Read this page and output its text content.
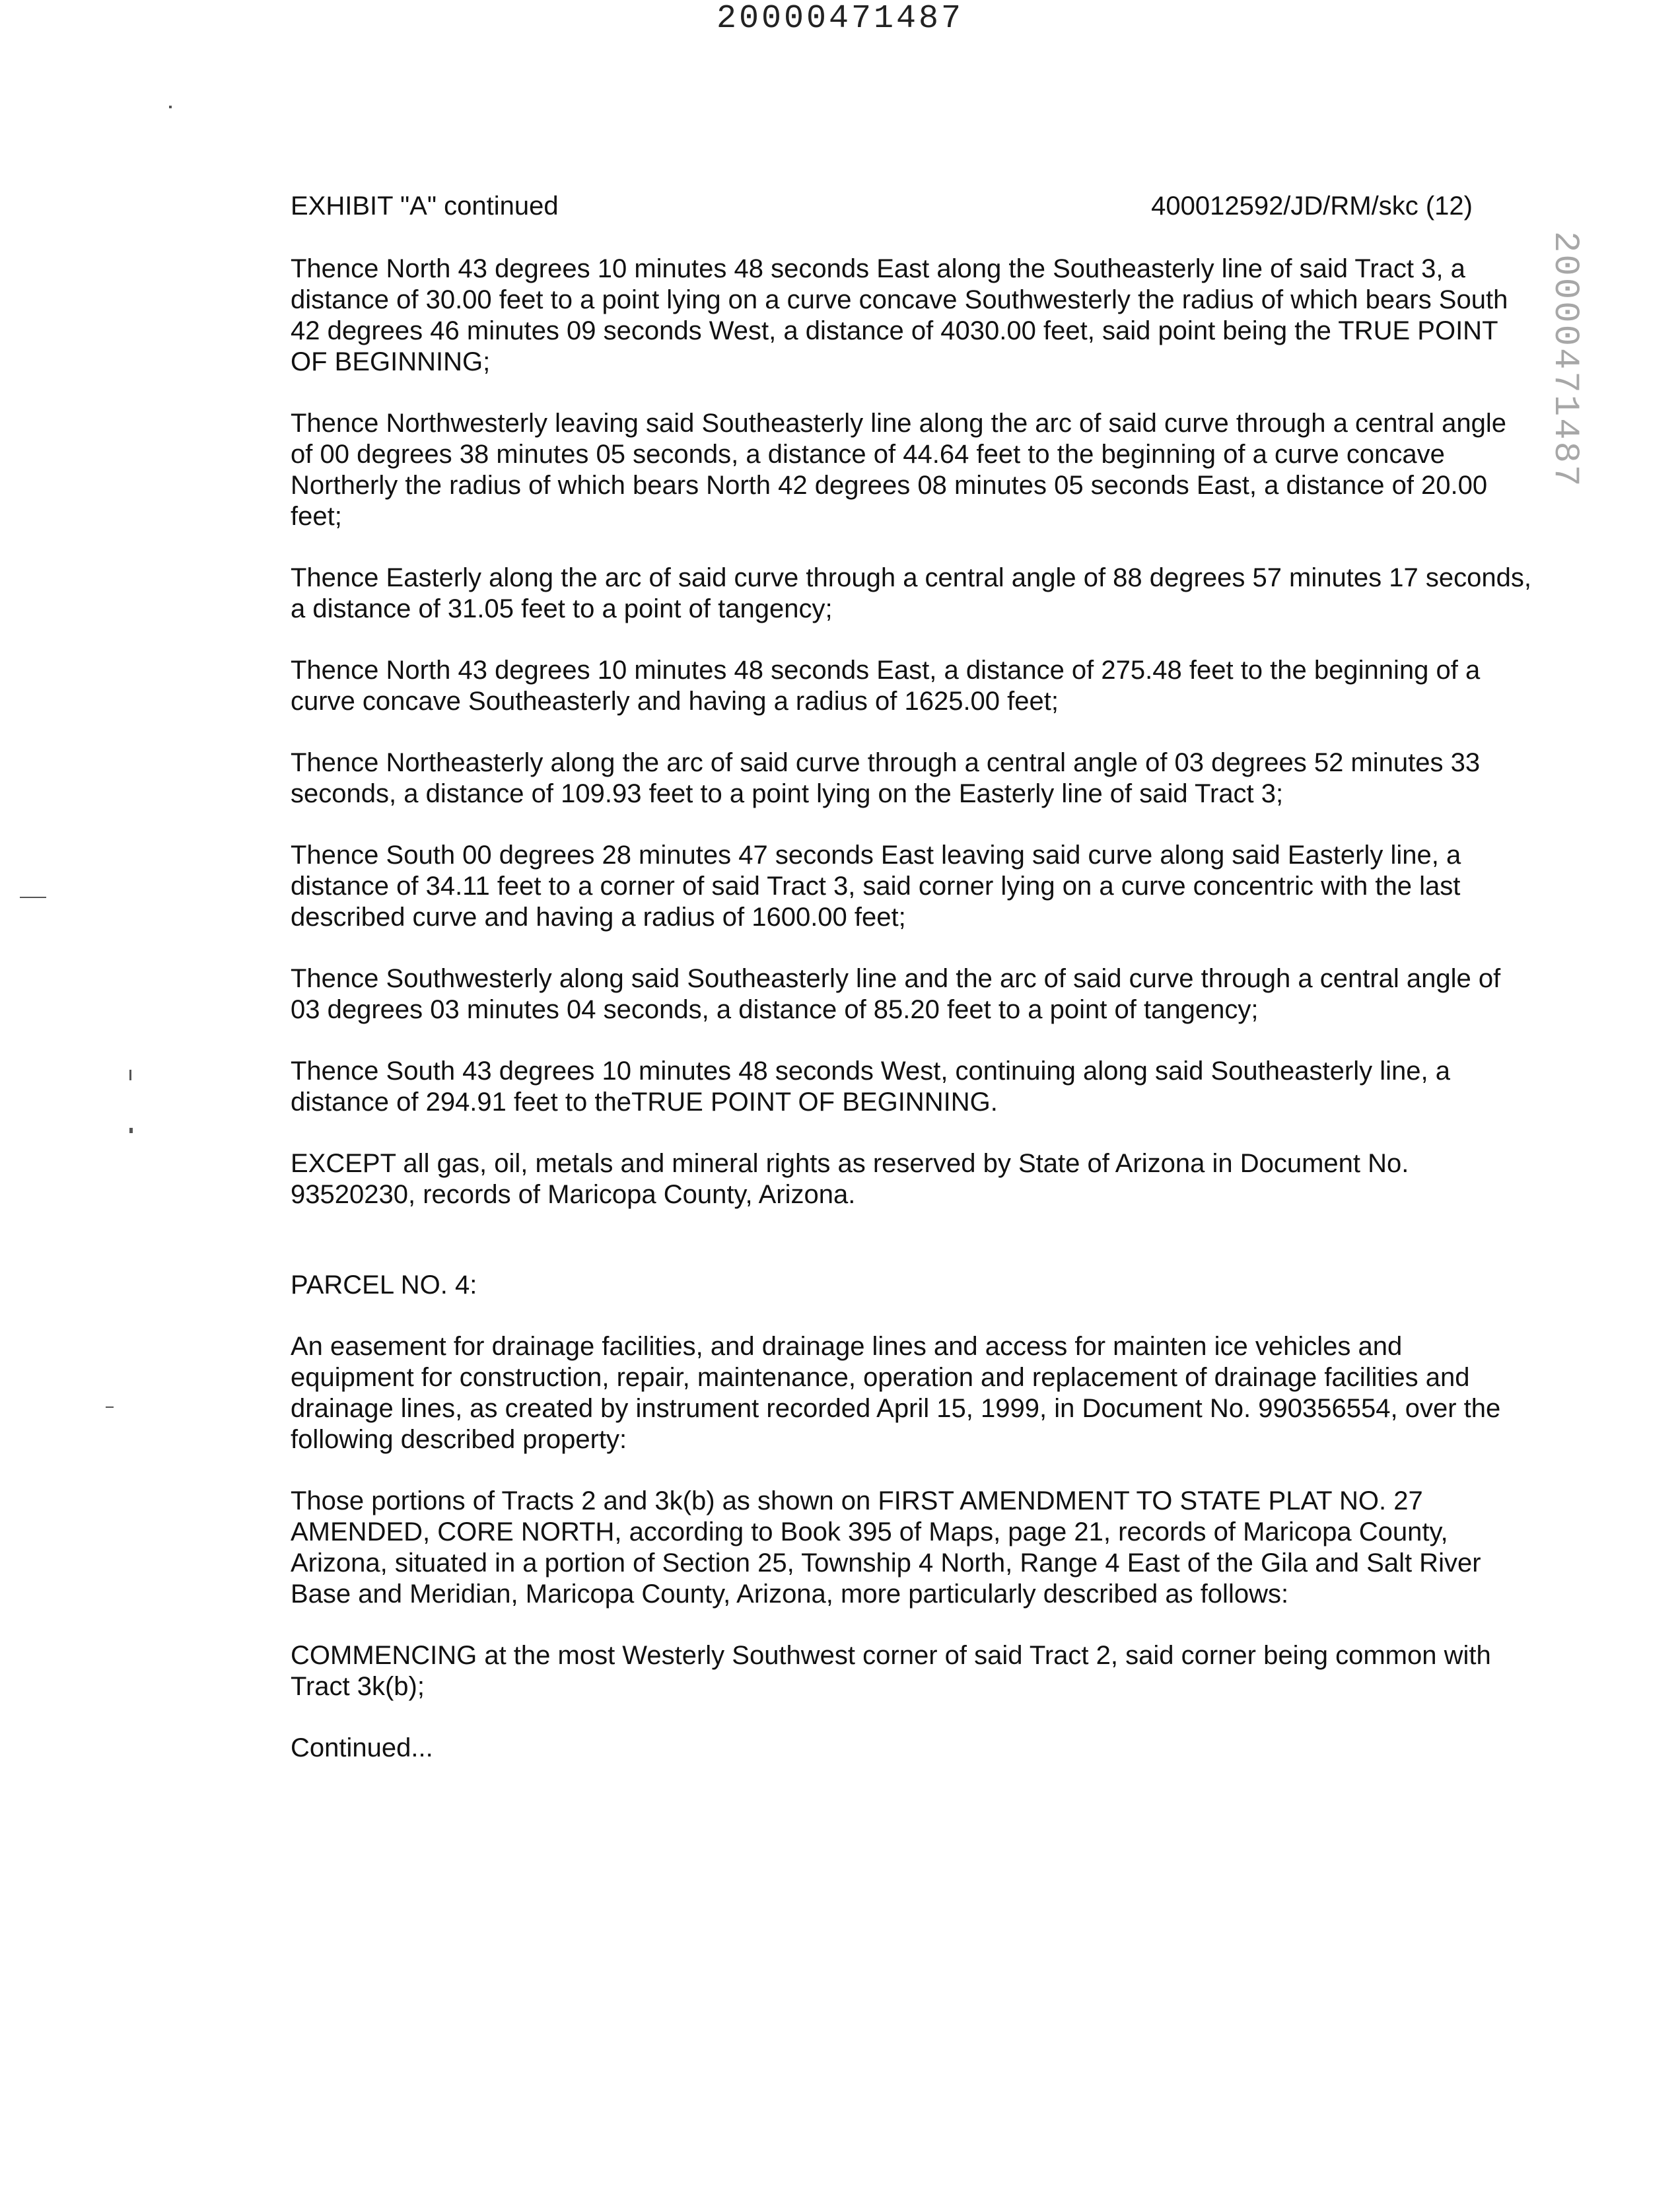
20000471487
20000471487
EXHIBIT "A" continued	400012592/JD/RM/skc (12)

Thence North 43 degrees 10 minutes 48 seconds East along the Southeasterly line of said Tract 3, a distance of 30.00 feet to a point lying on a curve concave Southwesterly the radius of which bears South 42 degrees 46 minutes 09 seconds West, a distance of 4030.00 feet, said point being the TRUE POINT OF BEGINNING;

Thence Northwesterly leaving said Southeasterly line along the arc of said curve through a central angle of 00 degrees 38 minutes 05 seconds, a distance of 44.64 feet to the beginning of a curve concave Northerly the radius of which bears North 42 degrees 08 minutes 05 seconds East, a distance of 20.00 feet;

Thence Easterly along the arc of said curve through a central angle of 88 degrees 57 minutes 17 seconds, a distance of 31.05 feet to a point of tangency;

Thence North 43 degrees 10 minutes 48 seconds East, a distance of 275.48 feet to the beginning of a curve concave Southeasterly and having a radius of 1625.00 feet;

Thence Northeasterly along the arc of said curve through a central angle of 03 degrees 52 minutes 33 seconds, a distance of 109.93 feet to a point lying on the Easterly line of said Tract 3;

Thence South 00 degrees 28 minutes 47 seconds East leaving said curve along said Easterly line, a distance of 34.11 feet to a corner of said Tract 3, said corner lying on a curve concentric with the last described curve and having a radius of 1600.00 feet;

Thence Southwesterly along said Southeasterly line and the arc of said curve through a central angle of 03 degrees 03 minutes 04 seconds, a distance of 85.20 feet to a point of tangency;

Thence South 43 degrees 10 minutes 48 seconds West, continuing along said Southeasterly line, a distance of 294.91 feet to theTRUE POINT OF BEGINNING.

EXCEPT all gas, oil, metals and mineral rights as reserved by State of Arizona in Document No. 93520230, records of Maricopa County, Arizona.

PARCEL NO. 4:

An easement for drainage facilities, and drainage lines and access for mainten ice vehicles and equipment for construction, repair, maintenance, operation and replacement of drainage facilities and drainage lines, as created by instrument recorded April 15, 1999, in Document No. 990356554, over the following described property:

Those portions of Tracts 2 and 3k(b) as shown on FIRST AMENDMENT TO STATE PLAT NO. 27 AMENDED, CORE NORTH, according to Book 395 of Maps, page 21, records of Maricopa County, Arizona, situated in a portion of Section 25, Township 4 North, Range 4 East of the Gila and Salt River Base and Meridian, Maricopa County, Arizona, more particularly described as follows:

COMMENCING at the most Westerly Southwest corner of said Tract 2, said corner being common with Tract 3k(b);

Continued...
